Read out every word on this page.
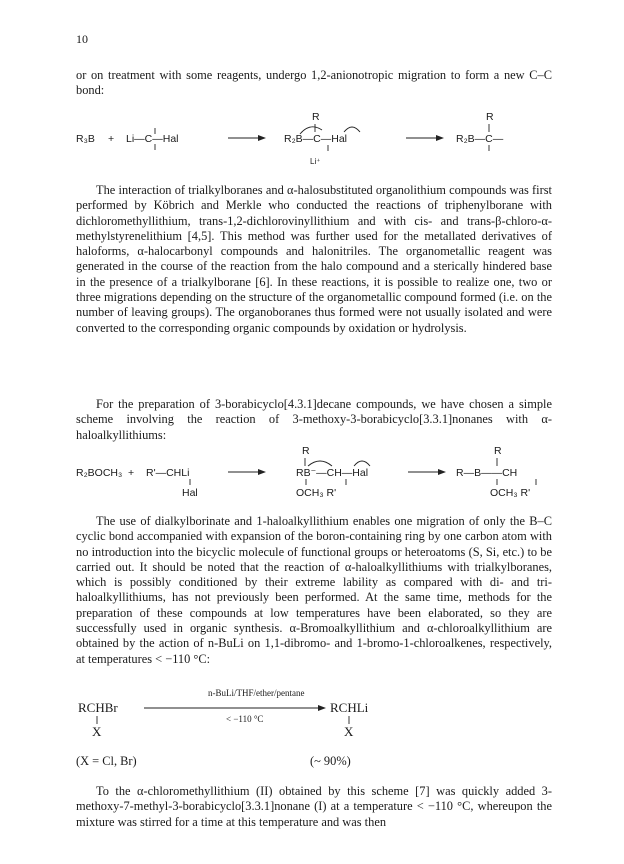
10

or on treatment with some reagents, undergo 1,2-anionotropic migration to form a new C–C bond:

R₃B + Li—C—Hal
R
R₂B—C—Hal
Li⁺
R
R₂B—C—

The interaction of trialkylboranes and α-halosubstituted organolithium compounds was first performed by Köbrich and Merkle who conducted the reactions of triphenylborane with dichloromethyllithium, trans-1,2-dichlorovinyllithium and with cis- and trans-β-chloro-α-methylstyrenelithium [4,5]. This method was further used for the metallated derivatives of haloforms, α-halocarbonyl compounds and halonitriles. The organometallic reagent was generated in the course of the reaction from the halo compound and a sterically hindered base in the presence of a trialkylborane [6]. In these reactions, it is possible to realize one, two or three migrations depending on the structure of the organometallic compound formed (i.e. on the number of leaving groups). The organoboranes thus formed were not usually isolated and were converted to the corresponding organic compounds by oxidation or hydrolysis.

For the preparation of 3-borabicyclo[4.3.1]decane compounds, we have chosen a simple scheme involving the reaction of 3-methoxy-3-borabicyclo[3.3.1]nonanes with α-haloalkyllithiums:

R₂BOCH₃ + R'—CHLi
Hal
R
RB⁻—CH—Hal
OCH₃ R'
R
R—B——CH
OCH₃ R'

The use of dialkylborinate and 1-haloalkyllithium enables one migration of only the B–C cyclic bond accompanied with expansion of the boron-containing ring by one carbon atom with no introduction into the bicyclic molecule of functional groups or heteroatoms (S, Si, etc.) to be carried out. It should be noted that the reaction of α-haloalkyllithiums with trialkylboranes, which is possibly conditioned by their extreme lability as compared with di- and tri-haloalkyllithiums, has not previously been performed. At the same time, methods for the preparation of these compounds at low temperatures have been elaborated, so they are successfully used in organic synthesis. α-Bromoalkyllithium and α-chloroalkyllithium are obtained by the action of n-BuLi on 1,1-dibromo- and 1-bromo-1-chloroalkenes, respectively, at temperatures < −110 °C:

n-BuLi/THF/ether/pentane
RCHBr
< −110 °C
RCHLi
X	X
(X = Cl, Br)	(~ 90%)

To the α-chloromethyllithium (II) obtained by this scheme [7] was quickly added 3-methoxy-7-methyl-3-borabicyclo[3.3.1]nonane (I) at a temperature < −110 °C, whereupon the mixture was stirred for a time at this temperature and was then
